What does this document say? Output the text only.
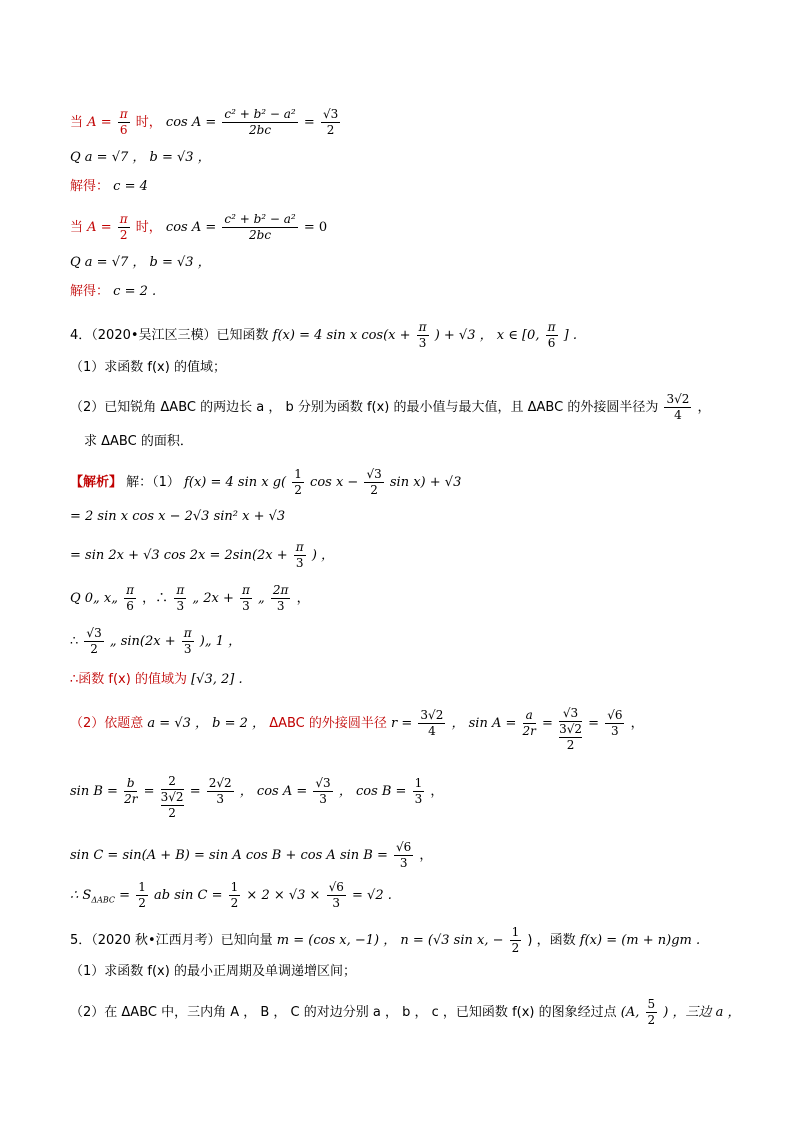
当 $A = \frac{\pi}{6}$ 时， $\cos A = \frac{\text{c² + b² − a²}}{2bc} = \frac{√3}{2}$
Q a = √7 ， b = √3 ，
解得： c = 4
当 $A = \frac{\pi}{2}$ 时， $\cos A = \frac{\text{c² + b² − a²}}{2bc} = 0$
Q a = √7 ， b = √3 ，
解得： c = 2 .
4．（2020•吴江区三模）已知函数 f(x) = 4 sin x $\cos(x + \frac{\pi}{3}$ ) + √3 ， x ∈ [0, $\frac{\pi}{6}$ ] .
（1）求函数 f(x) 的值域；
（2）已知锐角 ΔABC 的两边长 a ， b 分别为函数 f(x) 的最小值与最大值，且 ΔABC 的外接圆半径为 $\frac{3√2}{4}$ ，
求 ΔABC 的面积．
【解析】 解：（1） f(x) = 4 sin x $g( \frac{1}{2}$ $\cos x - \frac{√3}{2}$ sin x) + √3
= 2 sin x cos x − 2√3 sin² x + √3
= sin 2x + √3 $\cos 2x = 2\sin(2x + \frac{\pi}{3}$ ) ，
Q 0„ x„ $\frac{\pi}{6}$ ，∴ $\frac{\pi}{3}$ „ $2x + \frac{\pi}{3}$ „ $\frac{2\pi}{3}$ ，
∴ $\frac{√3}{2}$ „ $\sin(2x + \frac{\pi}{3}$ )„ 1 ，
∴函数 f(x) 的值域为 [√3, 2] .
（2）依题意 a = √3 ， b = 2 ， ΔABC 的外接圆半径 $r = \frac{3√2}{4}$ ， $\sin A = \frac{a}{2r} = √3$
3√2
$2 = \frac{√6}{3}$ ，
$\sin B = \frac{b}{2r} = 2$
3√2
$2 = \frac{2√2}{3}$ ， $\cos A = \frac{√3}{3}$ ， $\cos B = \frac{1}{3}$ ，
sin C = sin(A + B) = sin A cos B + cos A $\sin B = \frac{√6}{3}$ ，
∴ $S_{\Delta ABC} = \frac{1}{2}$ ab $\sin C = \frac{1}{2} \times 2 \times √3 \times \frac{√6}{3} = √2$ .
5．（2020 秋•江西月考）已知向量 m = (cos x, −1) ， n = (√3 sin x, − $\frac{1}{2}$ ) ，函数 f(x) = (m + n)gm .
（1）求函数 f(x) 的最小正周期及单调递增区间；
（2）在 ΔABC 中，三内角 A ， B ， C 的对边分别 a ， b ， c ，已知函数 f(x) 的图象经过点 (A, $\frac{5}{2}$ ) ，三边 a ，
